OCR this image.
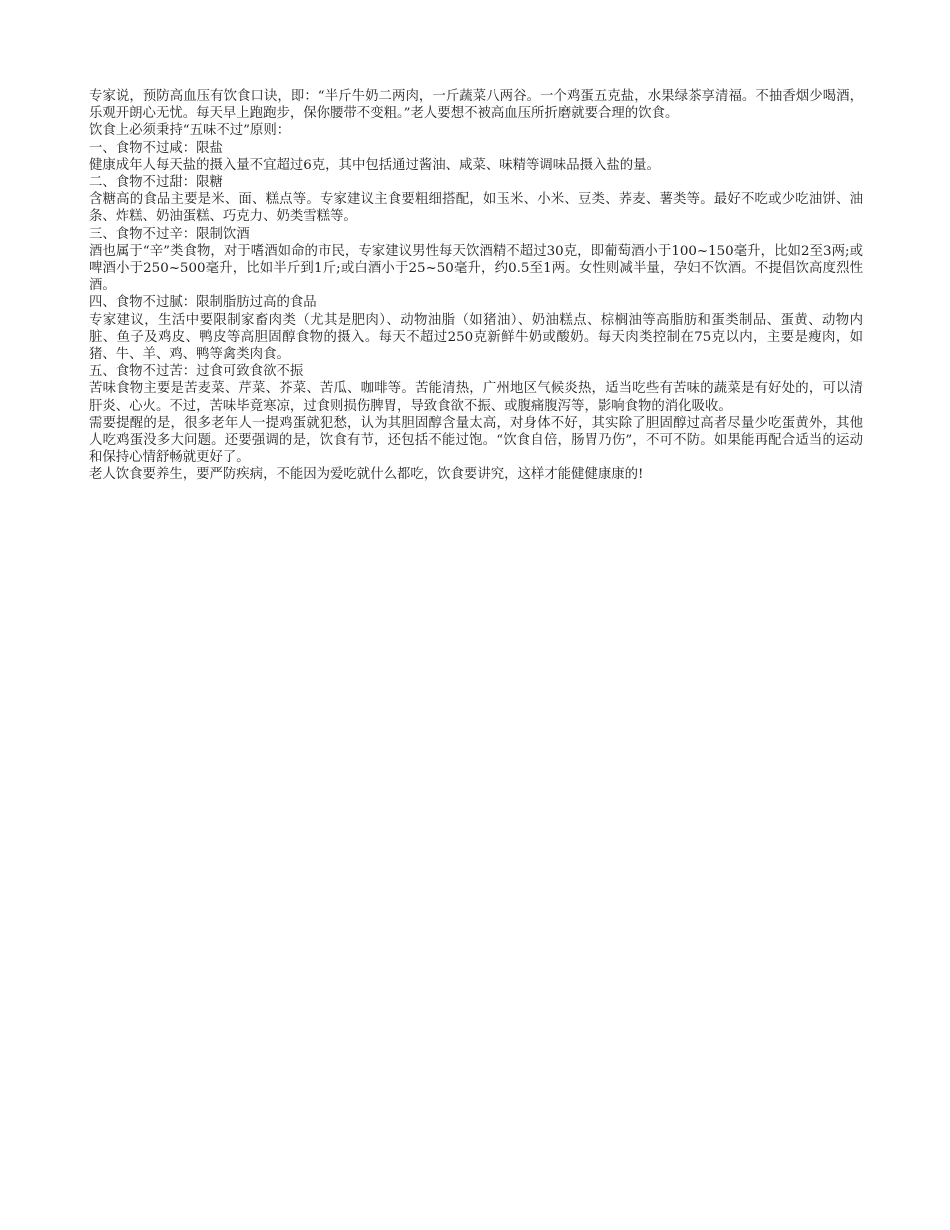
专家说，预防高血压有饮食口诀，即：“半斤牛奶二两肉，一斤蔬菜八两谷。一个鸡蛋五克盐，水果绿茶享清福。不抽香烟少喝酒，乐观开朗心无忧。每天早上跑跑步，保你腰带不变粗。”老人要想不被高血压所折磨就要合理的饮食。

饮食上必须秉持“五味不过”原则：

一、食物不过咸：限盐

健康成年人每天盐的摄入量不宜超过6克，其中包括通过酱油、咸菜、味精等调味品摄入盐的量。

二、食物不过甜：限糖

含糖高的食品主要是米、面、糕点等。专家建议主食要粗细搭配，如玉米、小米、豆类、荞麦、薯类等。最好不吃或少吃油饼、油条、炸糕、奶油蛋糕、巧克力、奶类雪糕等。

三、食物不过辛：限制饮酒

酒也属于“辛”类食物，对于嗜酒如命的市民，专家建议男性每天饮酒精不超过30克，即葡萄酒小于100~150毫升，比如2至3两;或啤酒小于250~500毫升，比如半斤到1斤;或白酒小于25~50毫升，约0.5至1两。女性则减半量，孕妇不饮酒。不提倡饮高度烈性酒。

四、食物不过腻：限制脂肪过高的食品

专家建议，生活中要限制家畜肉类（尤其是肥肉）、动物油脂（如猪油）、奶油糕点、棕榈油等高脂肪和蛋类制品、蛋黄、动物内脏、鱼子及鸡皮、鸭皮等高胆固醇食物的摄入。每天不超过250克新鲜牛奶或酸奶。每天肉类控制在75克以内，主要是瘦肉，如猪、牛、羊、鸡、鸭等禽类肉食。

五、食物不过苦：过食可致食欲不振

苦味食物主要是苦麦菜、芹菜、芥菜、苦瓜、咖啡等。苦能清热，广州地区气候炎热，适当吃些有苦味的蔬菜是有好处的，可以清肝炎、心火。不过，苦味毕竟寒凉，过食则损伤脾胃，导致食欲不振、或腹痛腹泻等，影响食物的消化吸收。

需要提醒的是，很多老年人一提鸡蛋就犯愁，认为其胆固醇含量太高，对身体不好，其实除了胆固醇过高者尽量少吃蛋黄外，其他人吃鸡蛋没多大问题。还要强调的是，饮食有节，还包括不能过饱。“饮食自倍，肠胃乃伤”，不可不防。如果能再配合适当的运动和保持心情舒畅就更好了。

老人饮食要养生，要严防疾病，不能因为爱吃就什么都吃，饮食要讲究，这样才能健健康康的!
